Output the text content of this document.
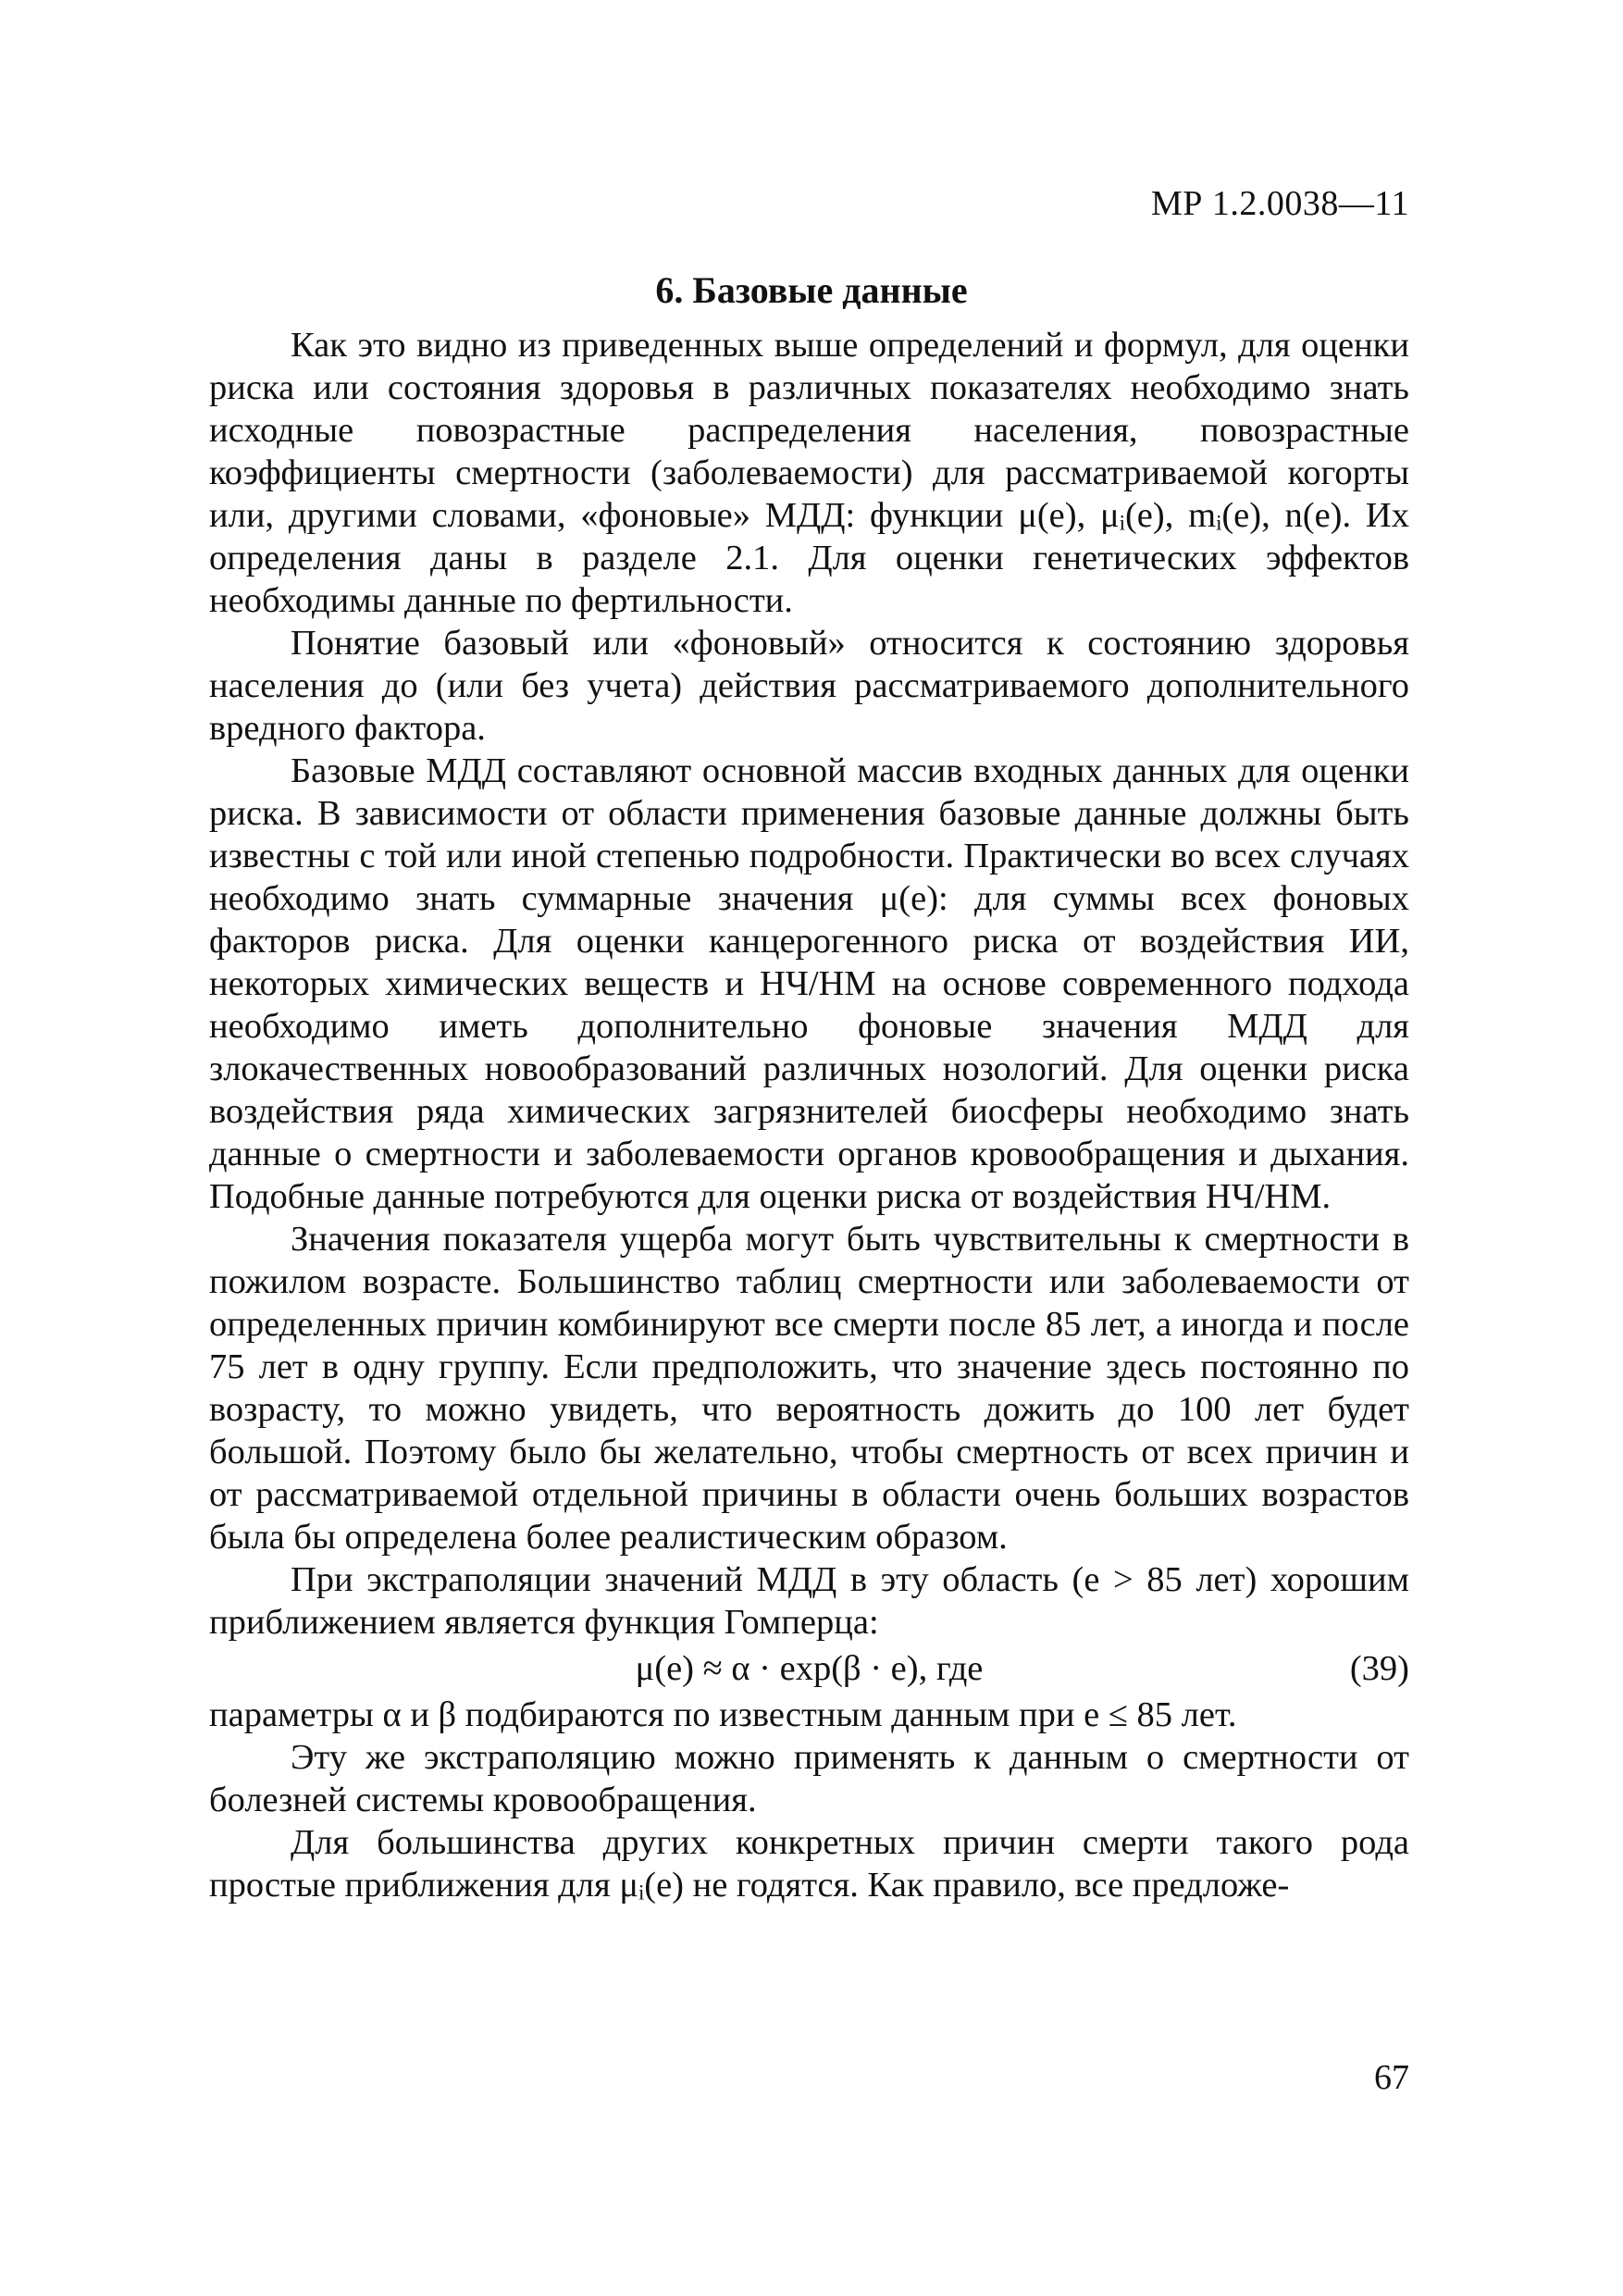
МР 1.2.0038—11
6. Базовые данные

Как это видно из приведенных выше определений и формул, для оценки риска или состояния здоровья в различных показателях необходимо знать исходные повозрастные распределения населения, повозрастные коэффициенты смертности (заболеваемости) для рассматриваемой когорты или, другими словами, «фоновые» МДД: функции μ(e), μᵢ(e), mᵢ(e), n(e). Их определения даны в разделе 2.1. Для оценки генетических эффектов необходимы данные по фертильности.

Понятие базовый или «фоновый» относится к состоянию здоровья населения до (или без учета) действия рассматриваемого дополнительного вредного фактора.

Базовые МДД составляют основной массив входных данных для оценки риска. В зависимости от области применения базовые данные должны быть известны с той или иной степенью подробности. Практически во всех случаях необходимо знать суммарные значения μ(e): для суммы всех фоновых факторов риска. Для оценки канцерогенного риска от воздействия ИИ, некоторых химических веществ и НЧ/НМ на основе современного подхода необходимо иметь дополнительно фоновые значения МДД для злокачественных новообразований различных нозологий. Для оценки риска воздействия ряда химических загрязнителей биосферы необходимо знать данные о смертности и заболеваемости органов кровообращения и дыхания. Подобные данные потребуются для оценки риска от воздействия НЧ/НМ.

Значения показателя ущерба могут быть чувствительны к смертности в пожилом возрасте. Большинство таблиц смертности или заболеваемости от определенных причин комбинируют все смерти после 85 лет, а иногда и после 75 лет в одну группу. Если предположить, что значение здесь постоянно по возрасту, то можно увидеть, что вероятность дожить до 100 лет будет большой. Поэтому было бы желательно, чтобы смертность от всех причин и от рассматриваемой отдельной причины в области очень больших возрастов была бы определена более реалистическим образом.

При экстраполяции значений МДД в эту область (e > 85 лет) хорошим приближением является функция Гомперца:

μ(e) ≈ α · exp(β · e), где	(39)

параметры α и β подбираются по известным данным при e ≤ 85 лет.

Эту же экстраполяцию можно применять к данным о смертности от болезней системы кровообращения.

Для большинства других конкретных причин смерти такого рода простые приближения для μᵢ(e) не годятся. Как правило, все предложе-

67
